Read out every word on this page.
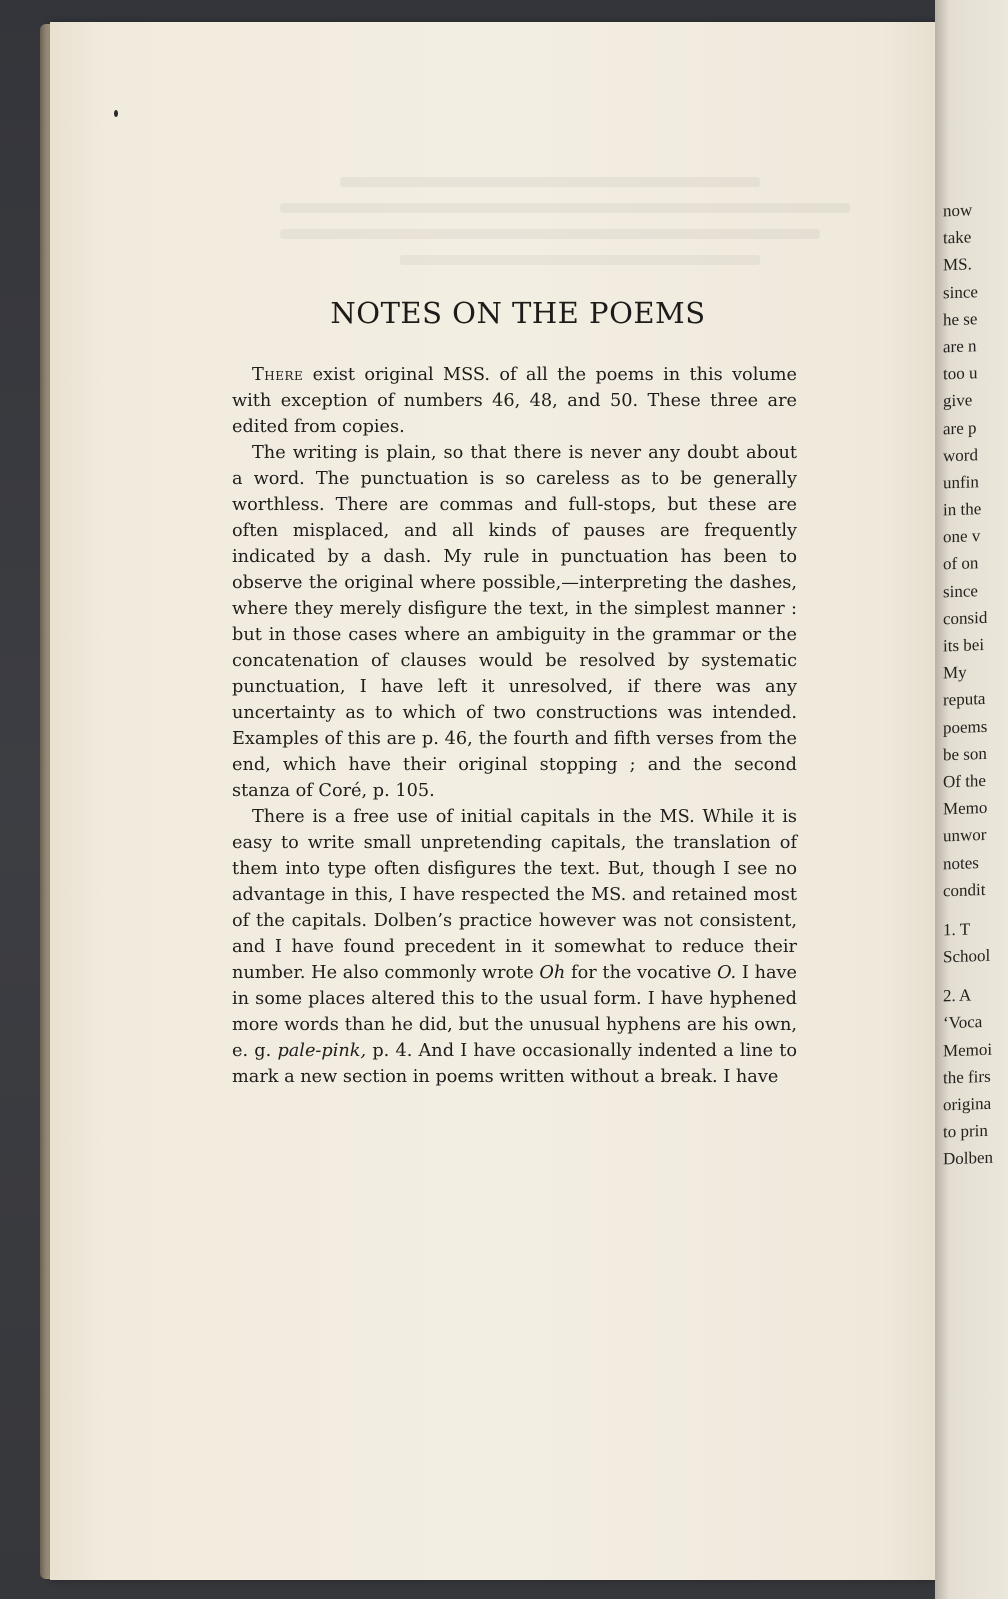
NOTES ON THE POEMS

There exist original MSS. of all the poems in this volume with exception of numbers 46, 48, and 50. These three are edited from copies.

The writing is plain, so that there is never any doubt about a word. The punctuation is so careless as to be generally worthless. There are commas and full-stops, but these are often misplaced, and all kinds of pauses are frequently indicated by a dash. My rule in punctuation has been to observe the original where possible,—interpreting the dashes, where they merely disfigure the text, in the simplest manner : but in those cases where an ambiguity in the grammar or the concatenation of clauses would be resolved by systematic punctuation, I have left it unresolved, if there was any uncertainty as to which of two constructions was intended. Examples of this are p. 46, the fourth and fifth verses from the end, which have their original stopping ; and the second stanza of Coré, p. 105.

There is a free use of initial capitals in the MS. While it is easy to write small unpretending capitals, the translation of them into type often disfigures the text. But, though I see no advantage in this, I have respected the MS. and retained most of the capitals. Dolben’s practice however was not consistent, and I have found precedent in it somewhat to reduce their number. He also commonly wrote Oh for the vocative O. I have in some places altered this to the usual form. I have hyphened more words than he did, but the unusual hyphens are his own, e. g. pale-pink, p. 4. And I have occasionally indented a line to mark a new section in poems written without a break. I have

now
take
MS.
since
he se
are n
too u
give
are p
word
unfin
in the
one v
of on
since
consid
its bei
My
reputa
poems
be son
Of the
Memo
unwor
notes
condit
1. T
School
2. A
‘Voca
Memoi
the firs
origina
to prin
Dolben
